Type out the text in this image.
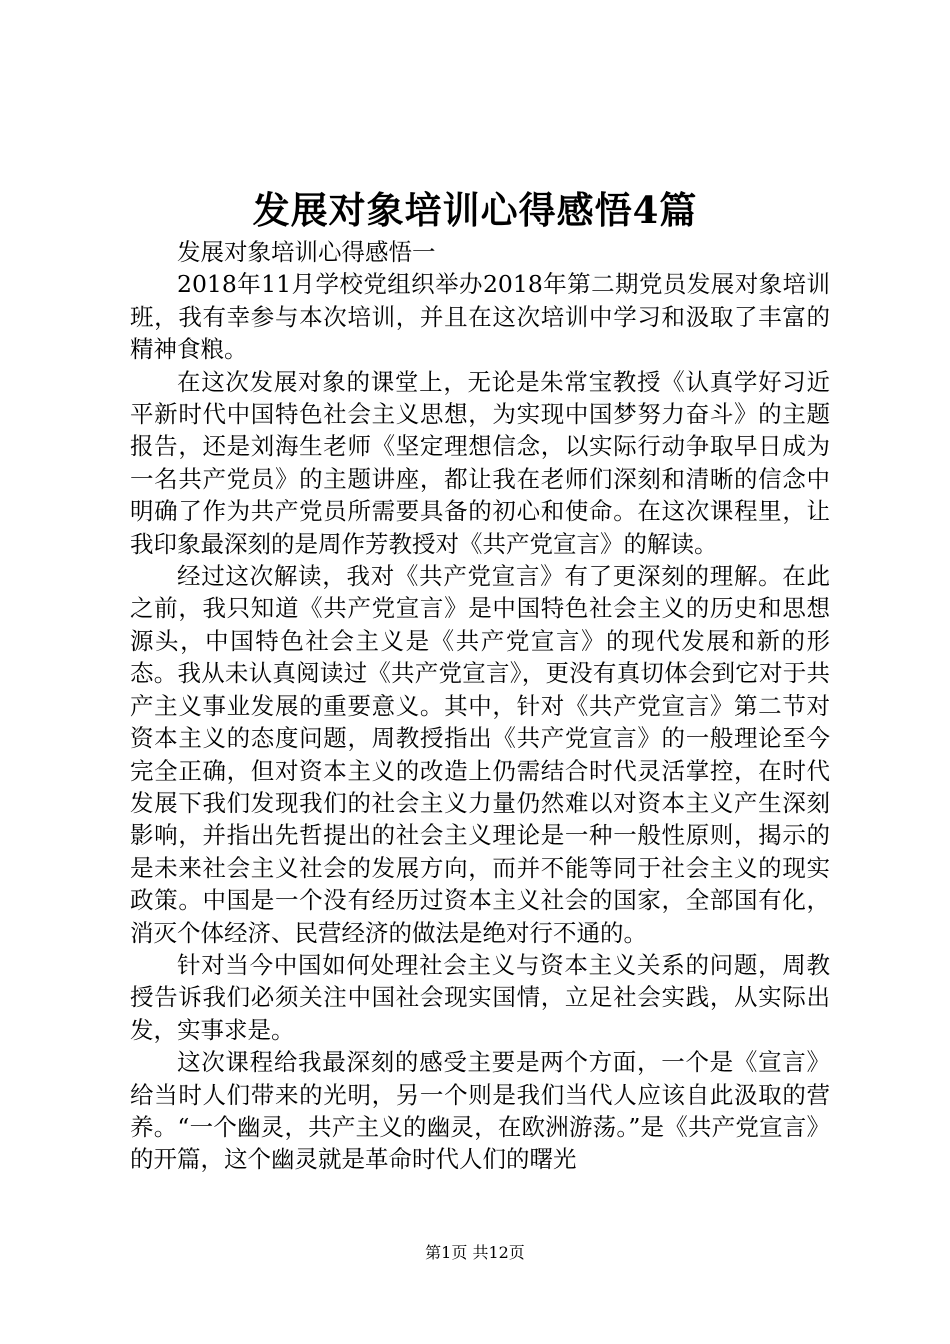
发展对象培训心得感悟4篇

发展对象培训心得感悟一

2018年11月学校党组织举办2018年第二期党员发展对象培训班，我有幸参与本次培训，并且在这次培训中学习和汲取了丰富的精神食粮。

在这次发展对象的课堂上，无论是朱常宝教授《认真学好习近平新时代中国特色社会主义思想，为实现中国梦努力奋斗》的主题报告，还是刘海生老师《坚定理想信念，以实际行动争取早日成为一名共产党员》的主题讲座，都让我在老师们深刻和清晰的信念中明确了作为共产党员所需要具备的初心和使命。在这次课程里，让我印象最深刻的是周作芳教授对《共产党宣言》的解读。

经过这次解读，我对《共产党宣言》有了更深刻的理解。在此之前，我只知道《共产党宣言》是中国特色社会主义的历史和思想源头，中国特色社会主义是《共产党宣言》的现代发展和新的形态。我从未认真阅读过《共产党宣言》，更没有真切体会到它对于共产主义事业发展的重要意义。其中，针对《共产党宣言》第二节对资本主义的态度问题，周教授指出《共产党宣言》的一般理论至今完全正确，但对资本主义的改造上仍需结合时代灵活掌控，在时代发展下我们发现我们的社会主义力量仍然难以对资本主义产生深刻影响，并指出先哲提出的社会主义理论是一种一般性原则，揭示的是未来社会主义社会的发展方向，而并不能等同于社会主义的现实政策。中国是一个没有经历过资本主义社会的国家，全部国有化，消灭个体经济、民营经济的做法是绝对行不通的。

针对当今中国如何处理社会主义与资本主义关系的问题，周教授告诉我们必须关注中国社会现实国情，立足社会实践，从实际出发，实事求是。

这次课程给我最深刻的感受主要是两个方面，一个是《宣言》给当时人们带来的光明，另一个则是我们当代人应该自此汲取的营养。“一个幽灵，共产主义的幽灵，在欧洲游荡。”是《共产党宣言》的开篇，这个幽灵就是革命时代人们的曙光

第1页 共12页
